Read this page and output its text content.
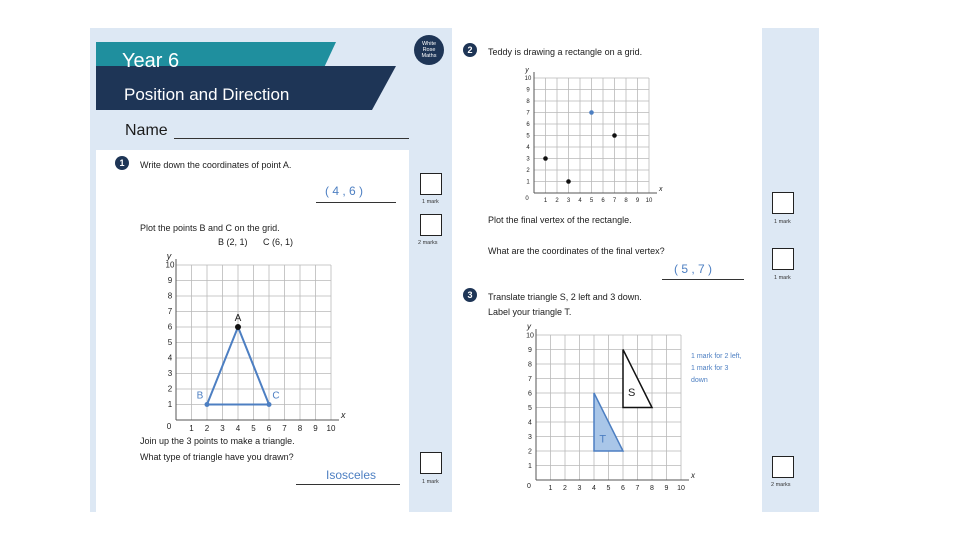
Year 6
Position and Direction
Name
White
Rose
Maths
1	Write down the coordinates of point A.
( 4 , 6 )
1 mark
Plot the points B and C on the grid.
B (2, 1) C (6, 1)	2 marks
1 2 3 4 5 6 7 8 9 10
1
2
3
4
5
6
7
8
9
10
0
x
y
A
B	C
Join up the 3 points to make a triangle.
What type of triangle have you drawn?
Isosceles	1 mark
2	Teddy is drawing a rectangle on a grid.
1 2 3 4 5 6 7 8 9 10
1
2
3
4
5
6
7
8
9
10
0
x
y
Plot the final vertex of the rectangle.	1 mark
What are the coordinates of the final vertex?
( 5 , 7 )
1 mark
3	Translate triangle S, 2 left and 3 down.
Label your triangle T.
1 2 3 4 5 6 7 8 9 10
1
2
3
4
5
6
7
8
9
10
0
x
y
S
T
1 mark for 2 left,
1 mark for 3
down
2 marks
